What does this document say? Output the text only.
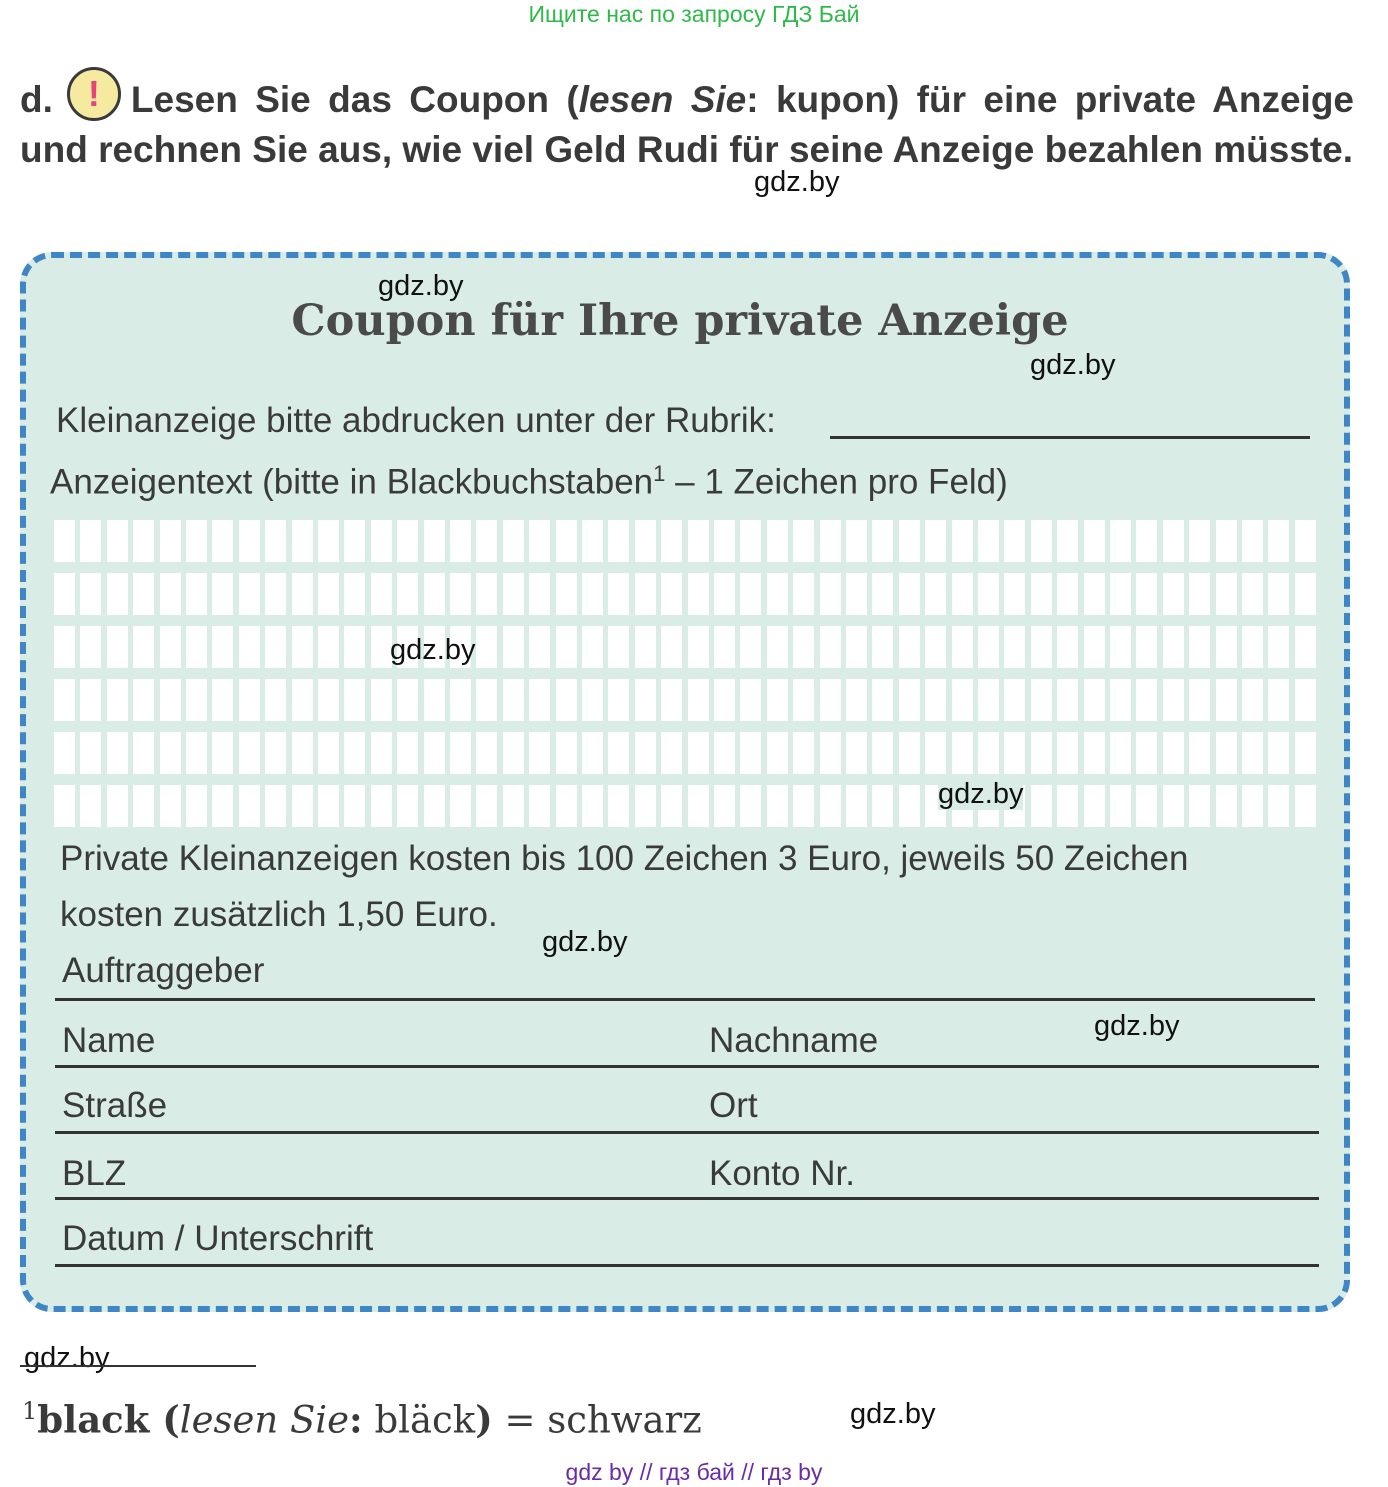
Ищите нас по запросу ГДЗ Бай
d. ! Lesen Sie das Coupon (lesen Sie: kupon) für eine private Anzeige und rechnen Sie aus, wie viel Geld Rudi für seine Anzeige bezahlen müsste.
gdz.by
gdz.by
Coupon für Ihre private Anzeige
gdz.by
Kleinanzeige bitte abdrucken unter der Rubrik:
Anzeigentext (bitte in Blackbuchstaben$^1$ – 1 Zeichen pro Feld)
gdz.by
gdz.by
Private Kleinanzeigen kosten bis 100 Zeichen 3 Euro, jeweils 50 Zeichen
kosten zusätzlich 1,50 Euro.
gdz.by
Auftraggeber
Name	Nachname	gdz.by
Straße	Ort
BLZ	Konto Nr.
Datum / Unterschrift
gdz.by
$^1$black (lesen Sie: bläck) = schwarz	gdz.by
gdz by // гдз бай // гдз by
